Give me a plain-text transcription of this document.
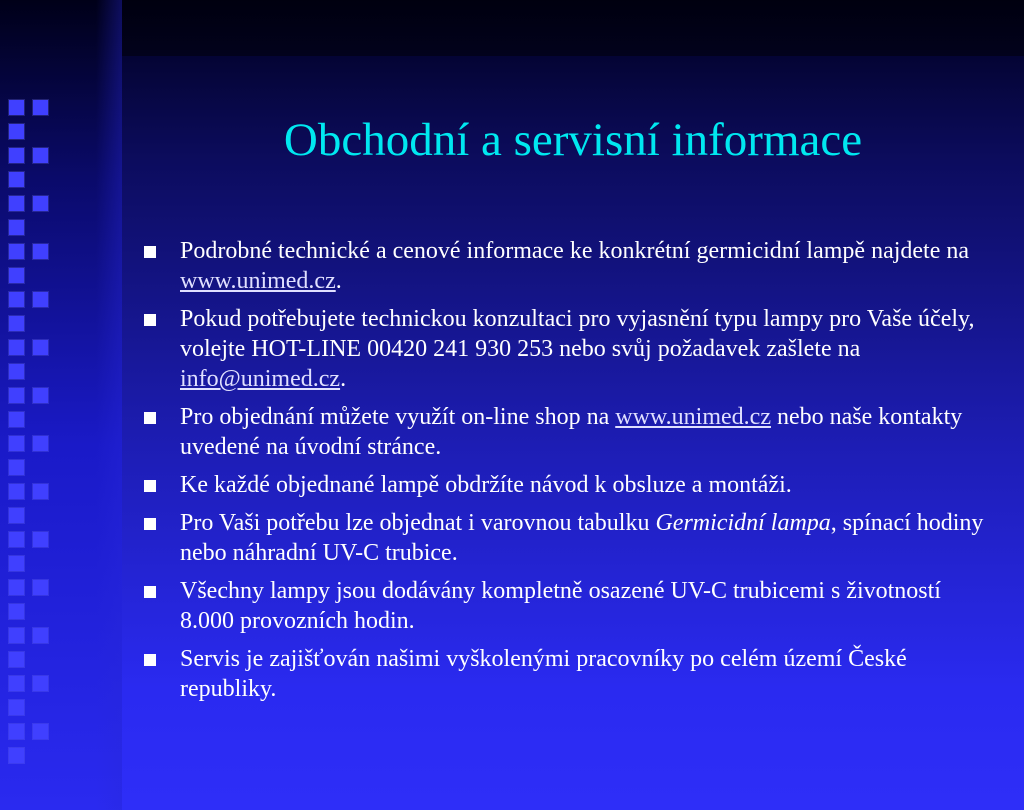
Obchodní a servisní informace
Podrobné technické a cenové informace ke konkrétní germicidní lampě najdete na www.unimed.cz.
Pokud potřebujete technickou konzultaci pro vyjasnění typu lampy pro Vaše účely, volejte HOT-LINE 00420 241 930 253 nebo svůj požadavek zašlete na info@unimed.cz.
Pro objednání můžete využít on-line shop na www.unimed.cz nebo naše kontakty uvedené na úvodní stránce.
Ke každé objednané lampě obdržíte návod k obsluze a montáži.
Pro Vaši potřebu lze objednat i varovnou tabulku Germicidní lampa, spínací hodiny nebo náhradní UV-C trubice.
Všechny lampy jsou dodávány kompletně osazené UV-C trubicemi s životností 8.000 provozních hodin.
Servis je zajišťován našimi vyškolenými pracovníky po celém území České republiky.
